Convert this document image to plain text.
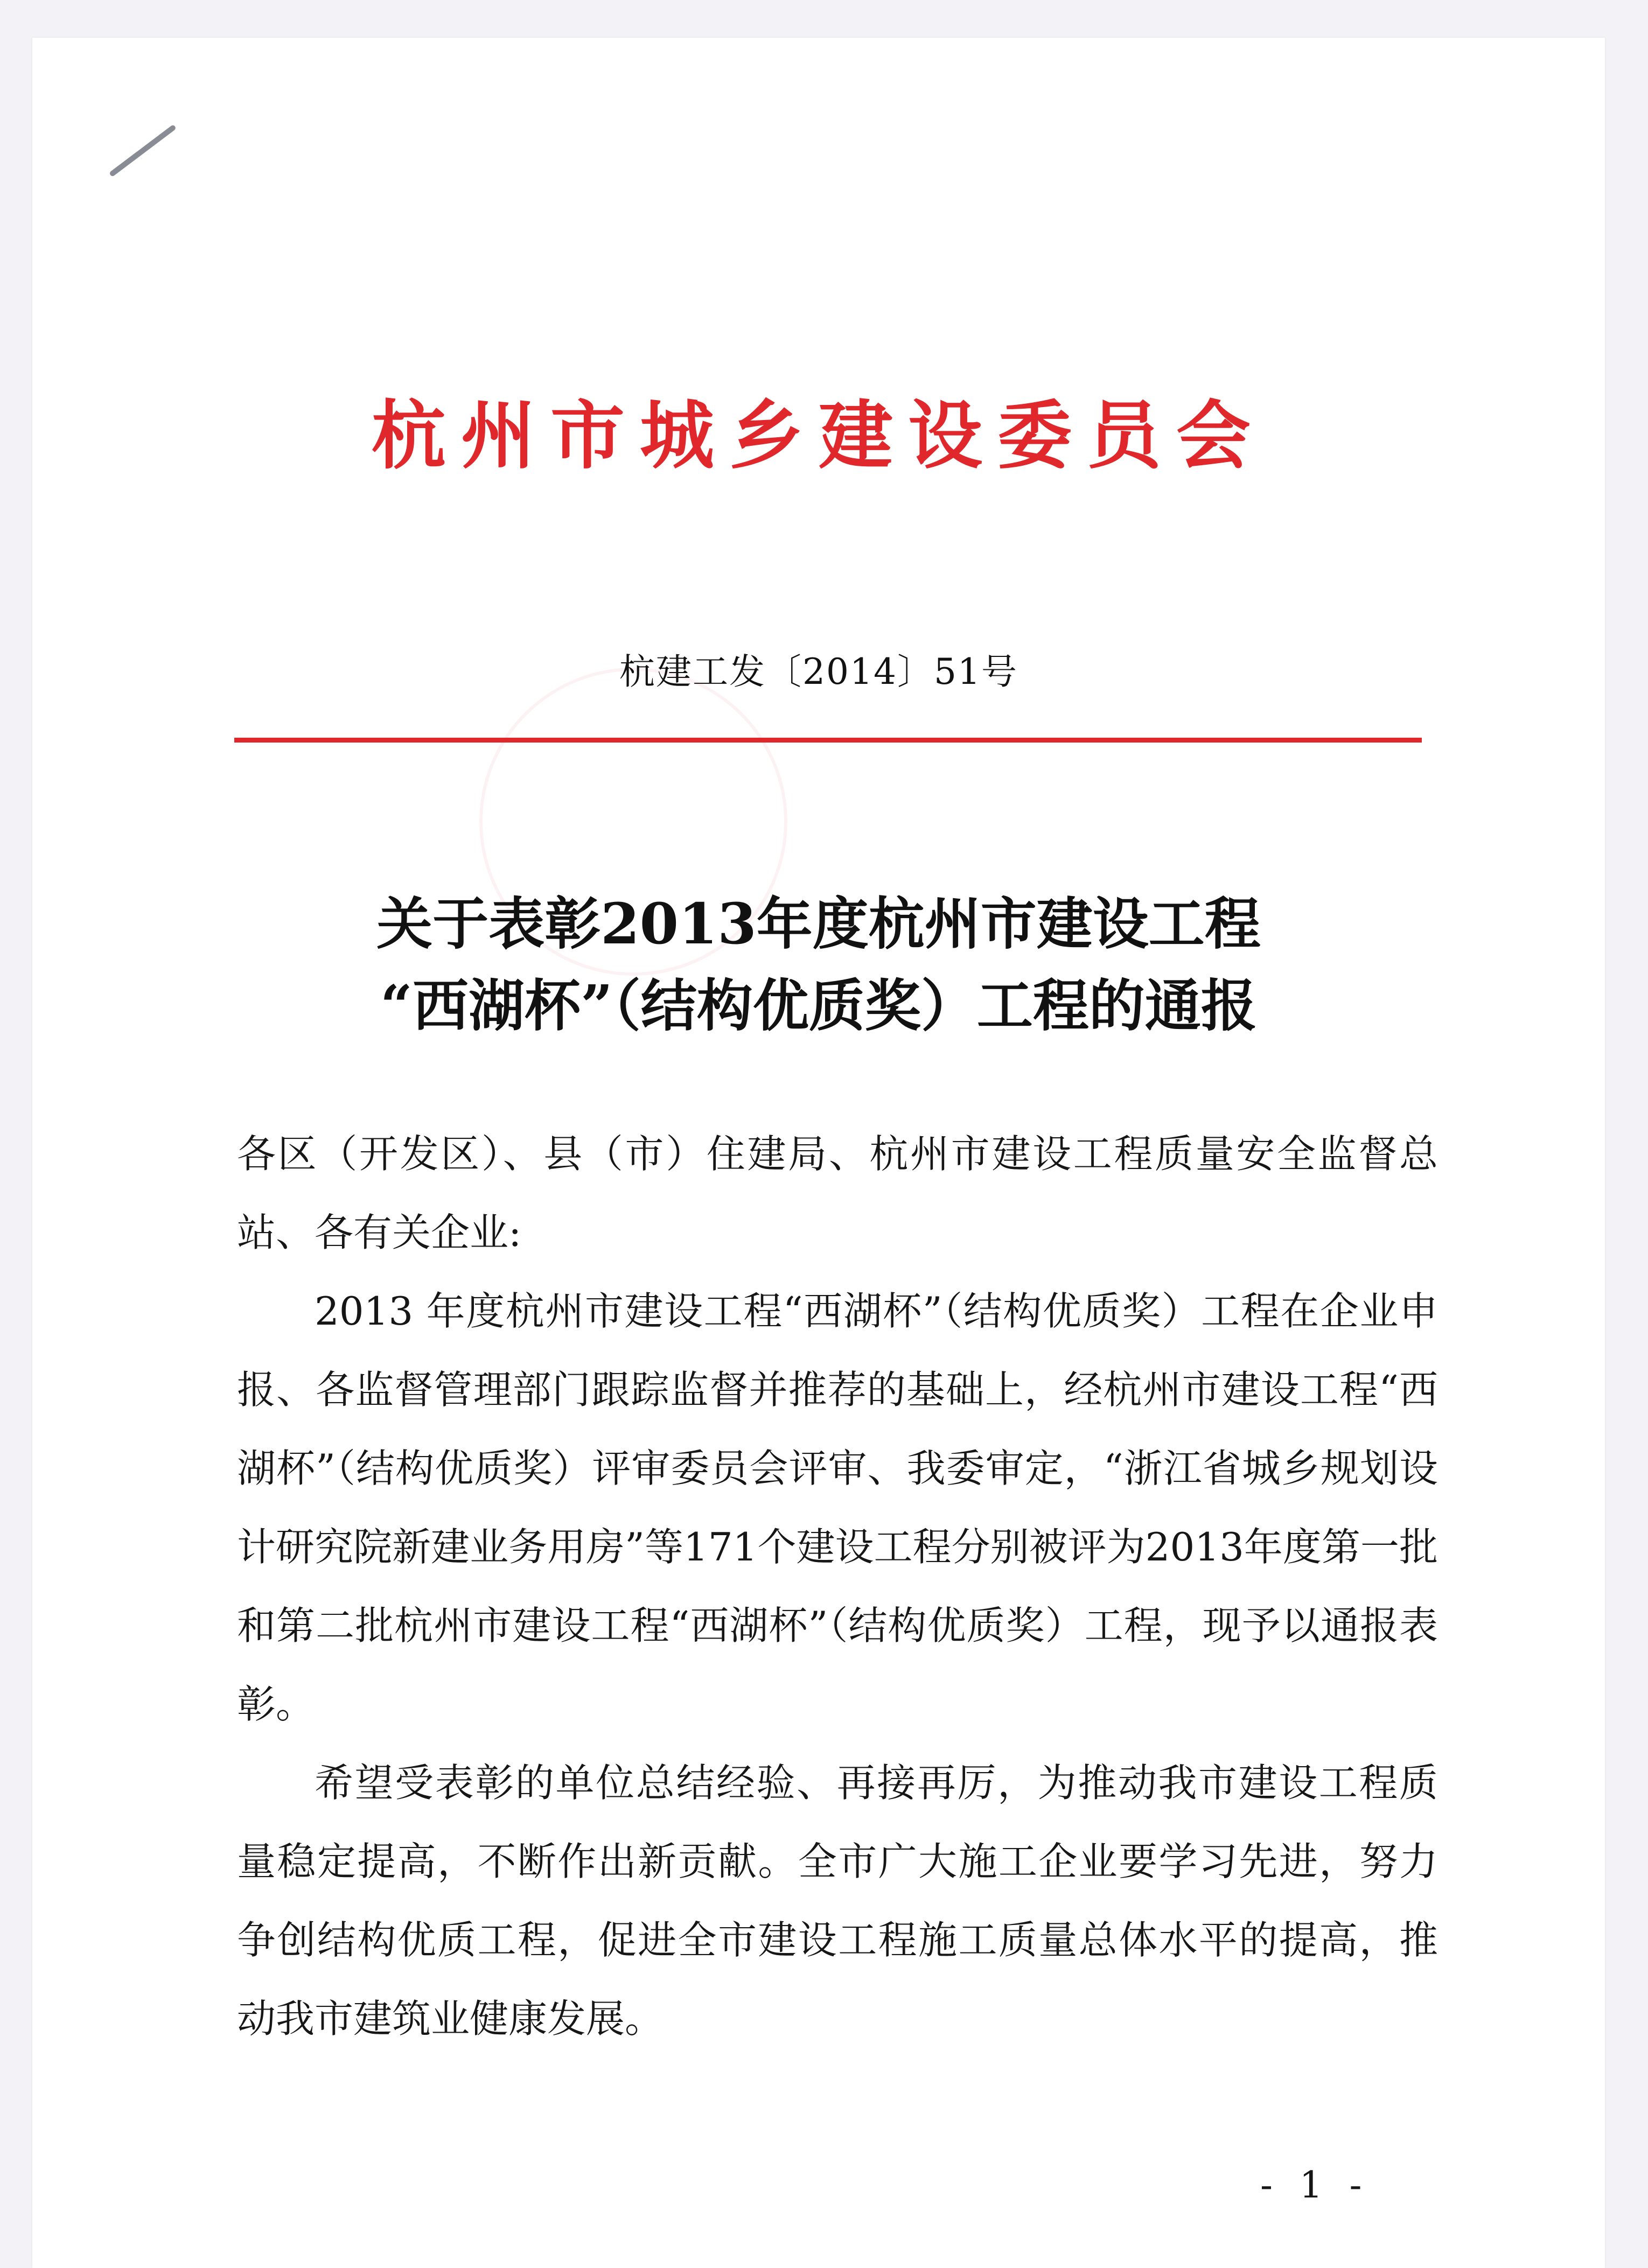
杭州市城乡建设委员会
杭建工发〔2014〕51号
关于表彰2013年度杭州市建设工程
“西湖杯”（结构优质奖）工程的通报

各区（开发区）、县（市）住建局、杭州市建设工程质量安全监督总站、各有关企业:

2013 年度杭州市建设工程“西湖杯”（结构优质奖）工程在企业申报、各监督管理部门跟踪监督并推荐的基础上，经杭州市建设工程“西湖杯”（结构优质奖）评审委员会评审、我委审定，“浙江省城乡规划设计研究院新建业务用房”等171个建设工程分别被评为2013年度第一批和第二批杭州市建设工程“西湖杯”（结构优质奖）工程，现予以通报表彰。

希望受表彰的单位总结经验、再接再厉，为推动我市建设工程质量稳定提高，不断作出新贡献。全市广大施工企业要学习先进，努力争创结构优质工程，促进全市建设工程施工质量总体水平的提高，推动我市建筑业健康发展。

- 1 -
